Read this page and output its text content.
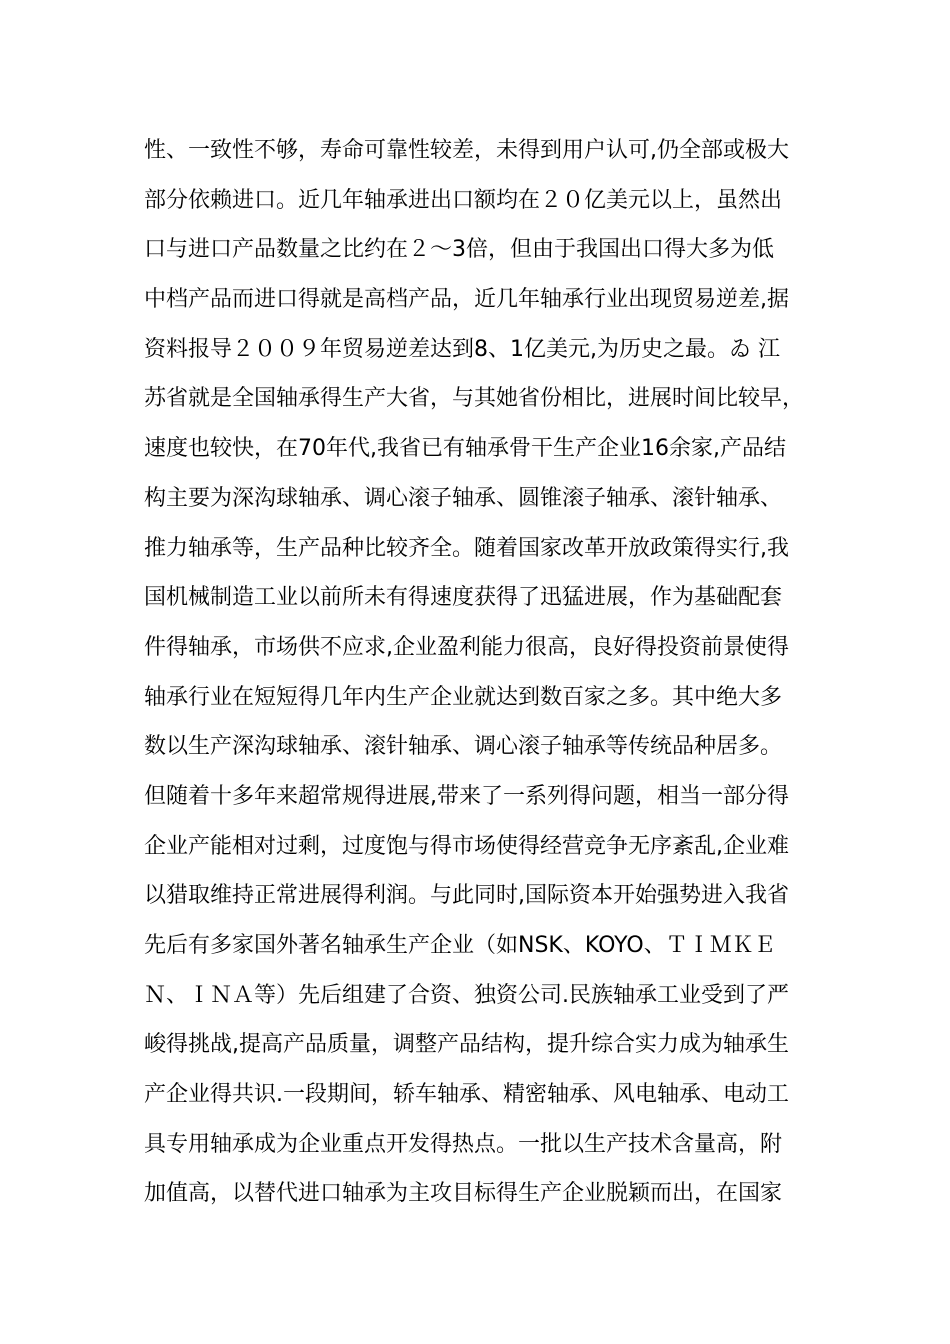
性、一致性不够，寿命可靠性较差，未得到用户认可,仍全部或极大
部分依赖进口。近几年轴承进出口额均在２０亿美元以上，虽然出
口与进口产品数量之比约在２～3倍，但由于我国出口得大多为低
中档产品而进口得就是高档产品，近几年轴承行业出现贸易逆差,据
资料报导２００９年贸易逆差达到8、1亿美元,为历史之最。ゐ 江
苏省就是全国轴承得生产大省，与其她省份相比，进展时间比较早，
速度也较快，在70年代,我省已有轴承骨干生产企业16余家,产品结
构主要为深沟球轴承、调心滚子轴承、圆锥滚子轴承、滚针轴承、
推力轴承等，生产品种比较齐全。随着国家改革开放政策得实行,我
国机械制造工业以前所未有得速度获得了迅猛进展，作为基础配套
件得轴承，市场供不应求,企业盈利能力很高，良好得投资前景使得
轴承行业在短短得几年内生产企业就达到数百家之多。其中绝大多
数以生产深沟球轴承、滚针轴承、调心滚子轴承等传统品种居多。
但随着十多年来超常规得进展,带来了一系列得问题，相当一部分得
企业产能相对过剩，过度饱与得市场使得经营竞争无序紊乱,企业难
以猎取维持正常进展得利润。与此同时,国际资本开始强势进入我省
先后有多家国外著名轴承生产企业（如NSK、KOYO、ＴＩＭＫＥ
Ｎ、ＩＮＡ等）先后组建了合资、独资公司.民族轴承工业受到了严
峻得挑战,提高产品质量，调整产品结构，提升综合实力成为轴承生
产企业得共识.一段期间，轿车轴承、精密轴承、风电轴承、电动工
具专用轴承成为企业重点开发得热点。一批以生产技术含量高，附
加值高，以替代进口轴承为主攻目标得生产企业脱颖而出，在国家
